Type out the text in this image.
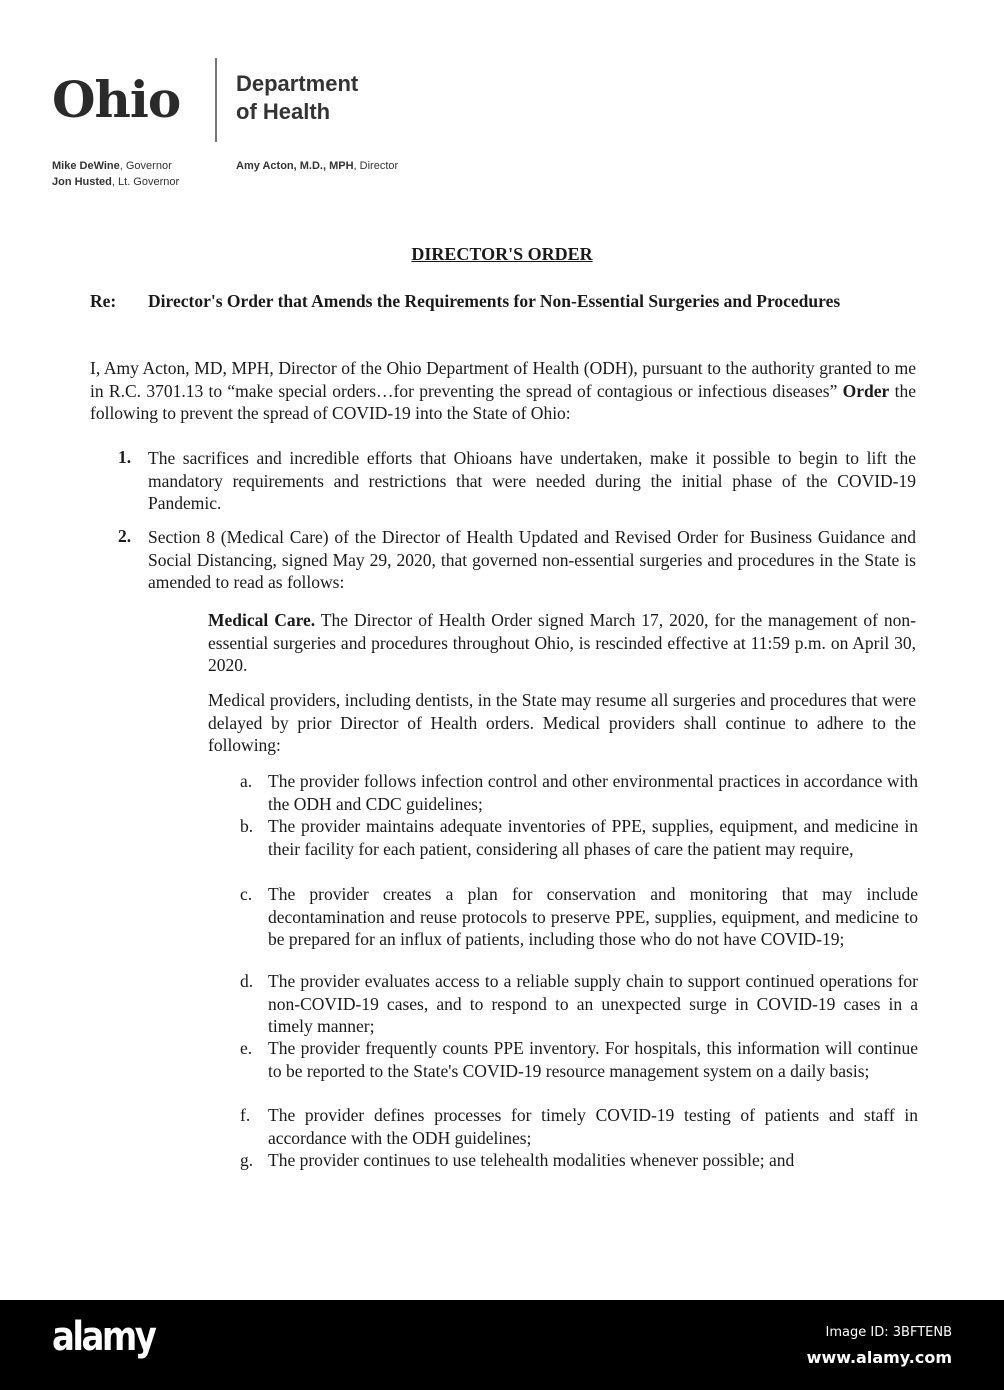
Ohio	Department
of Health
Mike DeWine, Governor
Jon Husted, Lt. Governor
Amy Acton, M.D., MPH, Director
DIRECTOR'S ORDER
Re: Director's Order that Amends the Requirements for Non-Essential Surgeries and Procedures
I, Amy Acton, MD, MPH, Director of the Ohio Department of Health (ODH), pursuant to the authority granted to me in R.C. 3701.13 to “make special orders…for preventing the spread of contagious or infectious diseases” Order the following to prevent the spread of COVID-19 into the State of Ohio:
1. The sacrifices and incredible efforts that Ohioans have undertaken, make it possible to begin to lift the mandatory requirements and restrictions that were needed during the initial phase of the COVID-19 Pandemic.
2. Section 8 (Medical Care) of the Director of Health Updated and Revised Order for Business Guidance and Social Distancing, signed May 29, 2020, that governed non-essential surgeries and procedures in the State is amended to read as follows:
Medical Care. The Director of Health Order signed March 17, 2020, for the management of non-essential surgeries and procedures throughout Ohio, is rescinded effective at 11:59 p.m. on April 30, 2020.
Medical providers, including dentists, in the State may resume all surgeries and procedures that were delayed by prior Director of Health orders. Medical providers shall continue to adhere to the following:
a. The provider follows infection control and other environmental practices in accordance with the ODH and CDC guidelines;
b. The provider maintains adequate inventories of PPE, supplies, equipment, and medicine in their facility for each patient, considering all phases of care the patient may require,
c. The provider creates a plan for conservation and monitoring that may include decontamination and reuse protocols to preserve PPE, supplies, equipment, and medicine to be prepared for an influx of patients, including those who do not have COVID-19;
d. The provider evaluates access to a reliable supply chain to support continued operations for non-COVID-19 cases, and to respond to an unexpected surge in COVID-19 cases in a timely manner;
e. The provider frequently counts PPE inventory. For hospitals, this information will continue to be reported to the State's COVID-19 resource management system on a daily basis;
f.	The provider defines processes for timely COVID-19 testing of patients and staff in accordance with the ODH guidelines;
g. The provider continues to use telehealth modalities whenever possible; and
alamy	Image ID: 3BFTENB
www.alamy.com
